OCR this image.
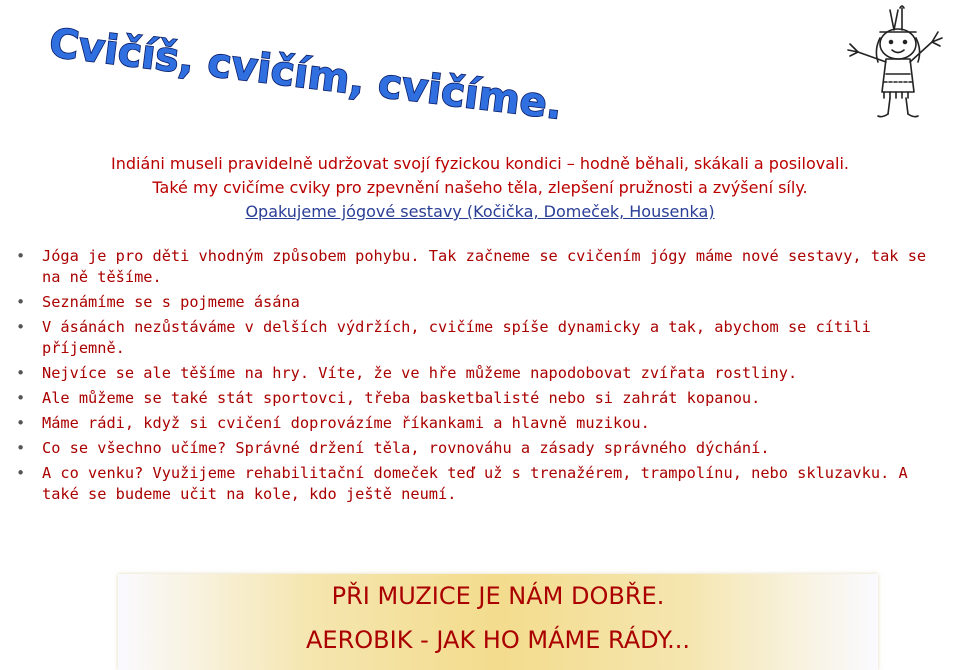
Cvičíš, cvičím, cvičíme.

Indiáni museli pravidelně udržovat svojí fyzickou kondici – hodně běhali, skákali a posilovali.

Také my cvičíme cviky pro zpevnění našeho těla, zlepšení pružnosti a zvýšení síly.

Opakujeme jógové sestavy (Kočička, Domeček, Housenka)

• Jóga je pro děti vhodným způsobem pohybu. Tak začneme se cvičením jógy máme nové sestavy, tak se na ně těšíme.
• Seznámíme se s pojmeme ásána
• V ásánách nezůstáváme v delších výdržích, cvičíme spíše dynamicky a tak, abychom se cítili příjemně.
• Nejvíce se ale těšíme na hry. Víte, že ve hře můžeme napodobovat zvířata rostliny.
• Ale můžeme se také stát sportovci, třeba basketbalisté nebo si zahrát kopanou.
• Máme rádi, když si cvičení doprovázíme říkankami a hlavně muzikou.
• Co se všechno učíme? Správné držení těla, rovnováhu a zásady správného dýchání.
• A co venku? Využijeme rehabilitační domeček teď už s trenažérem, trampolínu, nebo skluzavku. A také se budeme učit na kole, kdo ještě neumí.
PŘI MUZICE JE NÁM DOBŘE.
AEROBIK - JAK HO MÁME RÁDY...
